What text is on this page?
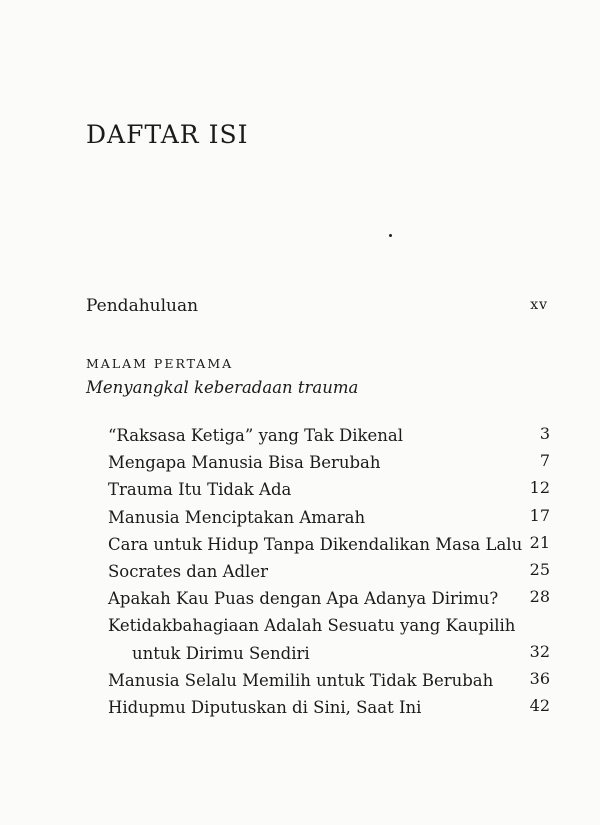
DAFTAR ISI
Pendahuluan	xv
MALAM PERTAMA
Menyangkal keberadaan trauma
“Raksasa Ketiga” yang Tak Dikenal	3
Mengapa Manusia Bisa Berubah	7
Trauma Itu Tidak Ada	12
Manusia Menciptakan Amarah	17
Cara untuk Hidup Tanpa Dikendalikan Masa Lalu 21
Socrates dan Adler	25
Apakah Kau Puas dengan Apa Adanya Dirimu? 28
Ketidakbahagiaan Adalah Sesuatu yang Kaupilih
untuk Dirimu Sendiri	32
Manusia Selalu Memilih untuk Tidak Berubah 36
Hidupmu Diputuskan di Sini, Saat Ini	42
